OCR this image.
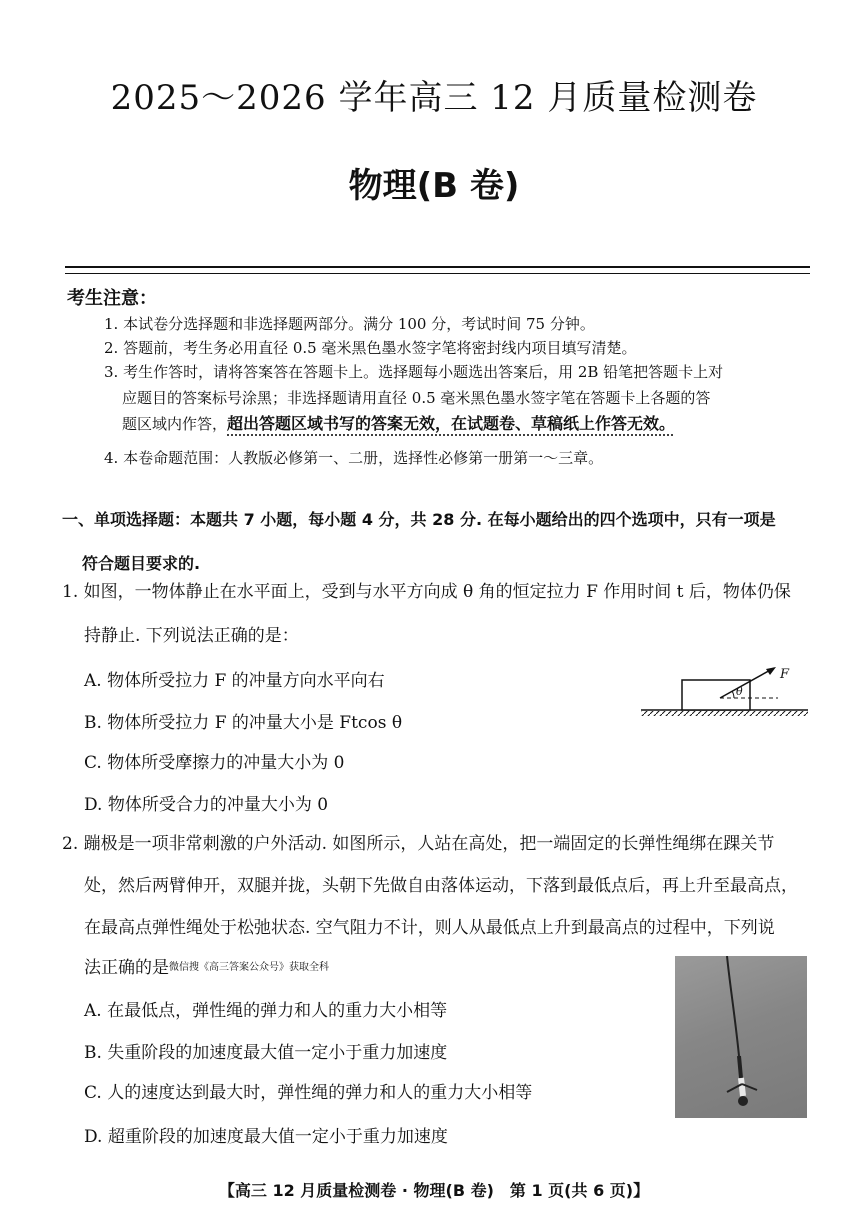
2025～2026 学年高三 12 月质量检测卷
物理(B 卷)
考生注意：
1. 本试卷分选择题和非选择题两部分。满分 100 分，考试时间 75 分钟。
2. 答题前，考生务必用直径 0.5 毫米黑色墨水签字笔将密封线内项目填写清楚。
3. 考生作答时，请将答案答在答题卡上。选择题每小题选出答案后，用 2B 铅笔把答题卡上对
应题目的答案标号涂黑；非选择题请用直径 0.5 毫米黑色墨水签字笔在答题卡上各题的答
题区域内作答，超出答题区域书写的答案无效，在试题卷、草稿纸上作答无效。
4. 本卷命题范围：人教版必修第一、二册，选择性必修第一册第一～三章。
一、单项选择题：本题共 7 小题，每小题 4 分，共 28 分. 在每小题给出的四个选项中，只有一项是
符合题目要求的.
1. 如图，一物体静止在水平面上，受到与水平方向成 θ 角的恒定拉力 F 作用时间 t 后，物体仍保
持静止. 下列说法正确的是：
A. 物体所受拉力 F 的冲量方向水平向右
B. 物体所受拉力 F 的冲量大小是 Ftcos θ
C. 物体所受摩擦力的冲量大小为 0
D. 物体所受合力的冲量大小为 0
θ
F
2. 蹦极是一项非常刺激的户外活动. 如图所示，人站在高处，把一端固定的长弹性绳绑在踝关节
处，然后两臂伸开，双腿并拢，头朝下先做自由落体运动，下落到最低点后，再上升至最高点，
在最高点弹性绳处于松弛状态. 空气阻力不计，则人从最低点上升到最高点的过程中，下列说
法正确的是$^{微信搜《高三答案公众号》获取全科}$
A. 在最低点，弹性绳的弹力和人的重力大小相等
B. 失重阶段的加速度最大值一定小于重力加速度
C. 人的速度达到最大时，弹性绳的弹力和人的重力大小相等
D. 超重阶段的加速度最大值一定小于重力加速度
【高三 12 月质量检测卷 · 物理(B 卷)　第 1 页(共 6 页)】
